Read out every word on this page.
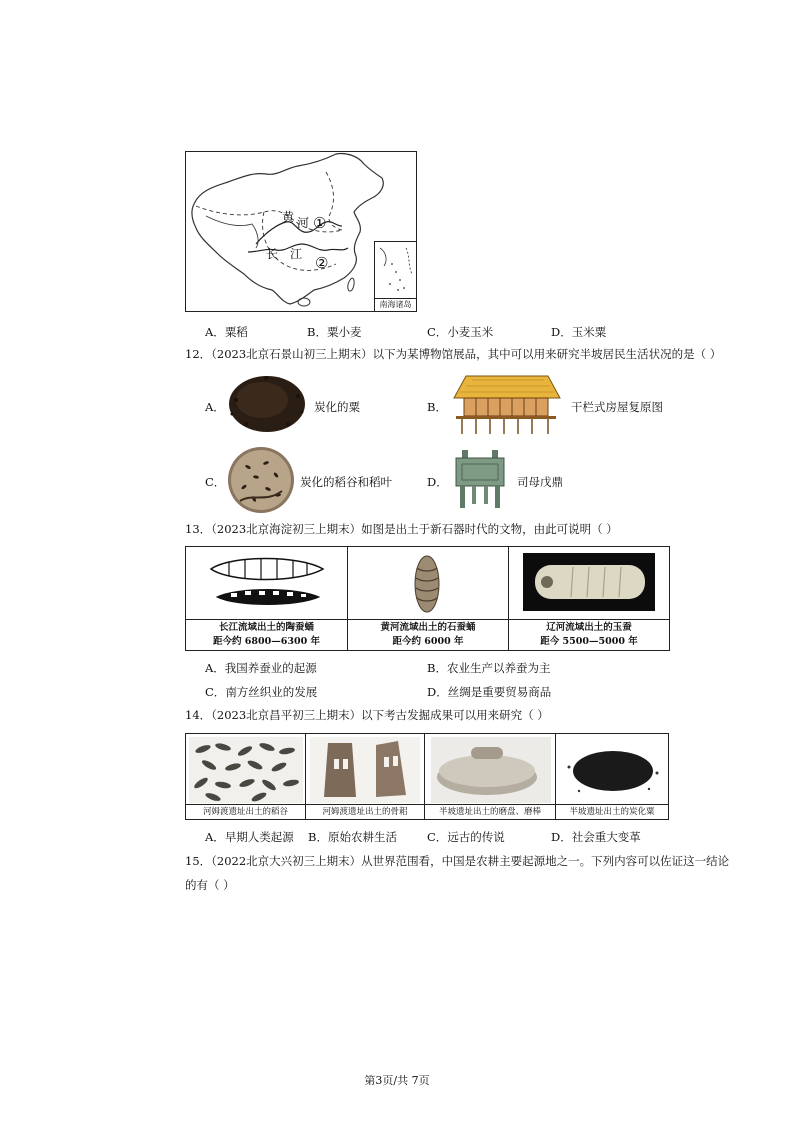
黄 河 ①
长 江 ②
南海诸岛
A．粟稻	B．粟小麦	C．小麦玉米	D．玉米粟
12．（2023北京石景山初三上期末）以下为某博物馆展品，其中可以用来研究半坡居民生活状况的是（ ）
A．	炭化的粟	B．	干栏式房屋复原图
C．	炭化的稻谷和稻叶	D．	司母戊鼎
13．（2023北京海淀初三上期末）如图是出土于新石器时代的文物，由此可说明（ ）
长江流域出土的陶蚕蛹
距今约 6800—6300 年
黄河流域出土的石蚕蛹
距今约 6000 年
辽河流域出土的玉蚕
距今 5500—5000 年
A．我国养蚕业的起源	B．农业生产以养蚕为主
C．南方丝织业的发展	D．丝绸是重要贸易商品
14．（2023北京昌平初三上期末）以下考古发掘成果可以用来研究（ ）
河姆渡遗址出土的稻谷	河姆渡遗址出土的骨耜	半坡遗址出土的磨盘、磨棒	半坡遗址出土的炭化粟
A．早期人类起源 B．原始农耕生活	C．远古的传说	D．社会重大变革
15．（2022北京大兴初三上期末）从世界范围看，中国是农耕主要起源地之一。下列内容可以佐证这一结论
的有（ ）
第3页/共 7页
